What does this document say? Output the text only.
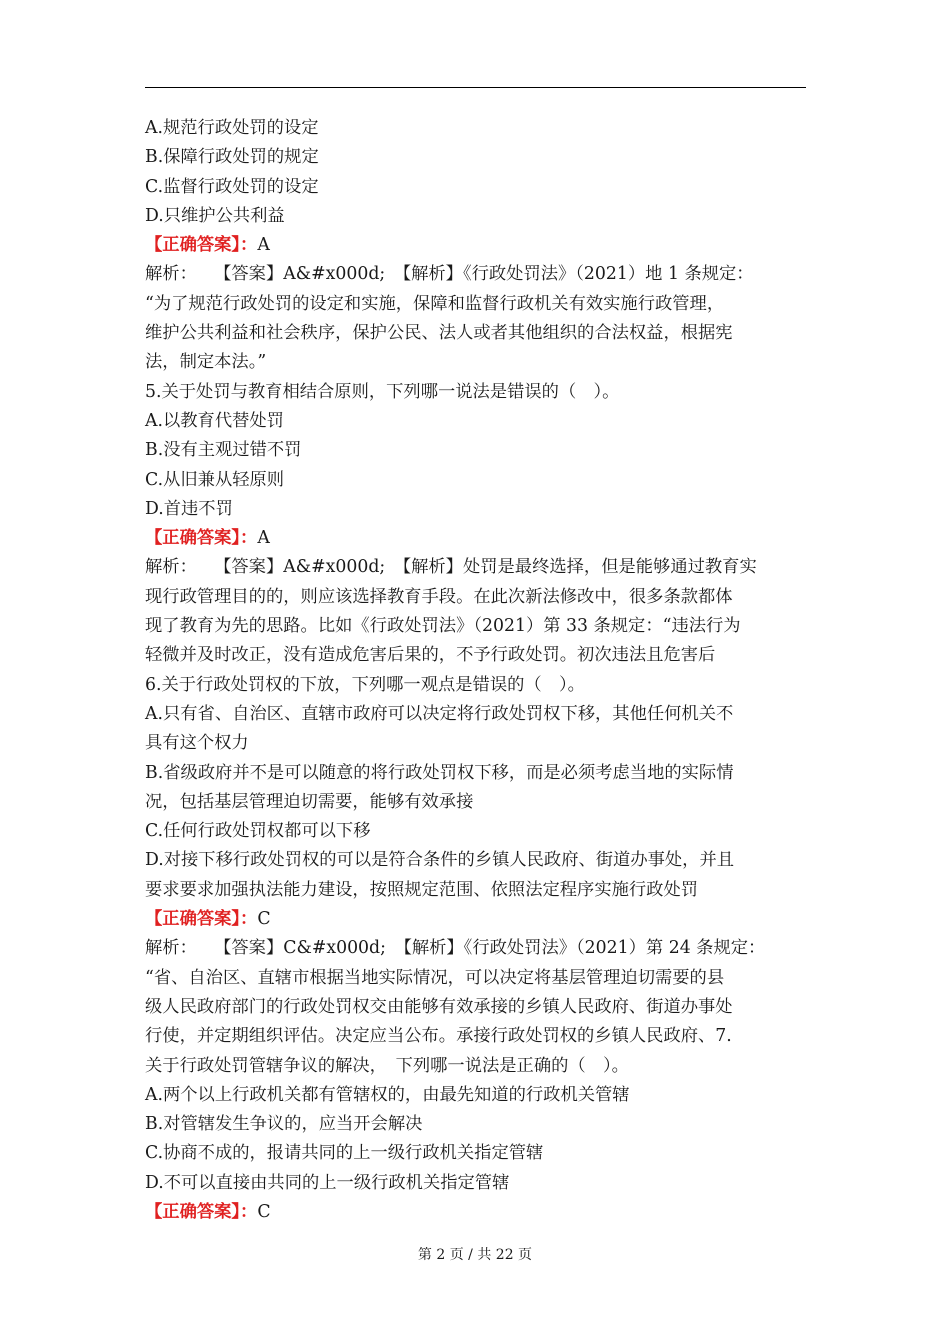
A.规范行政处罚的设定
B.保障行政处罚的规定
C.监督行政处罚的设定
D.只维护公共利益
【正确答案】：A
解析：　　【答案】A&#x000d;　【解析】《行政处罚法》（2021）地 1 条规定：
“为了规范行政处罚的设定和实施，保障和监督行政机关有效实施行政管理，
维护公共利益和社会秩序，保护公民、法人或者其他组织的合法权益，根据宪
法，制定本法。”
5.关于处罚与教育相结合原则，下列哪一说法是错误的（　）。
A.以教育代替处罚
B.没有主观过错不罚
C.从旧兼从轻原则
D.首违不罚
【正确答案】：A
解析：　　【答案】A&#x000d;　【解析】处罚是最终选择，但是能够通过教育实
现行政管理目的的，则应该选择教育手段。在此次新法修改中，很多条款都体
现了教育为先的思路。比如《行政处罚法》（2021）第 33 条规定：“违法行为
轻微并及时改正，没有造成危害后果的，不予行政处罚。初次违法且危害后
6.关于行政处罚权的下放，下列哪一观点是错误的（　）。
A.只有省、自治区、直辖市政府可以决定将行政处罚权下移，其他任何机关不
具有这个权力
B.省级政府并不是可以随意的将行政处罚权下移，而是必须考虑当地的实际情
况，包括基层管理迫切需要，能够有效承接
C.任何行政处罚权都可以下移
D.对接下移行政处罚权的可以是符合条件的乡镇人民政府、街道办事处，并且
要求要求加强执法能力建设，按照规定范围、依照法定程序实施行政处罚
【正确答案】：C
解析：　　【答案】C&#x000d;　【解析】《行政处罚法》（2021）第 24 条规定：
“省、自治区、直辖市根据当地实际情况，可以决定将基层管理迫切需要的县
级人民政府部门的行政处罚权交由能够有效承接的乡镇人民政府、街道办事处
行使，并定期组织评估。决定应当公布。承接行政处罚权的乡镇人民政府、7.
关于行政处罚管辖争议的解决，　下列哪一说法是正确的（　）。
A.两个以上行政机关都有管辖权的，由最先知道的行政机关管辖
B.对管辖发生争议的，应当开会解决
C.协商不成的，报请共同的上一级行政机关指定管辖
D.不可以直接由共同的上一级行政机关指定管辖
【正确答案】：C
第 2 页 / 共 22 页
